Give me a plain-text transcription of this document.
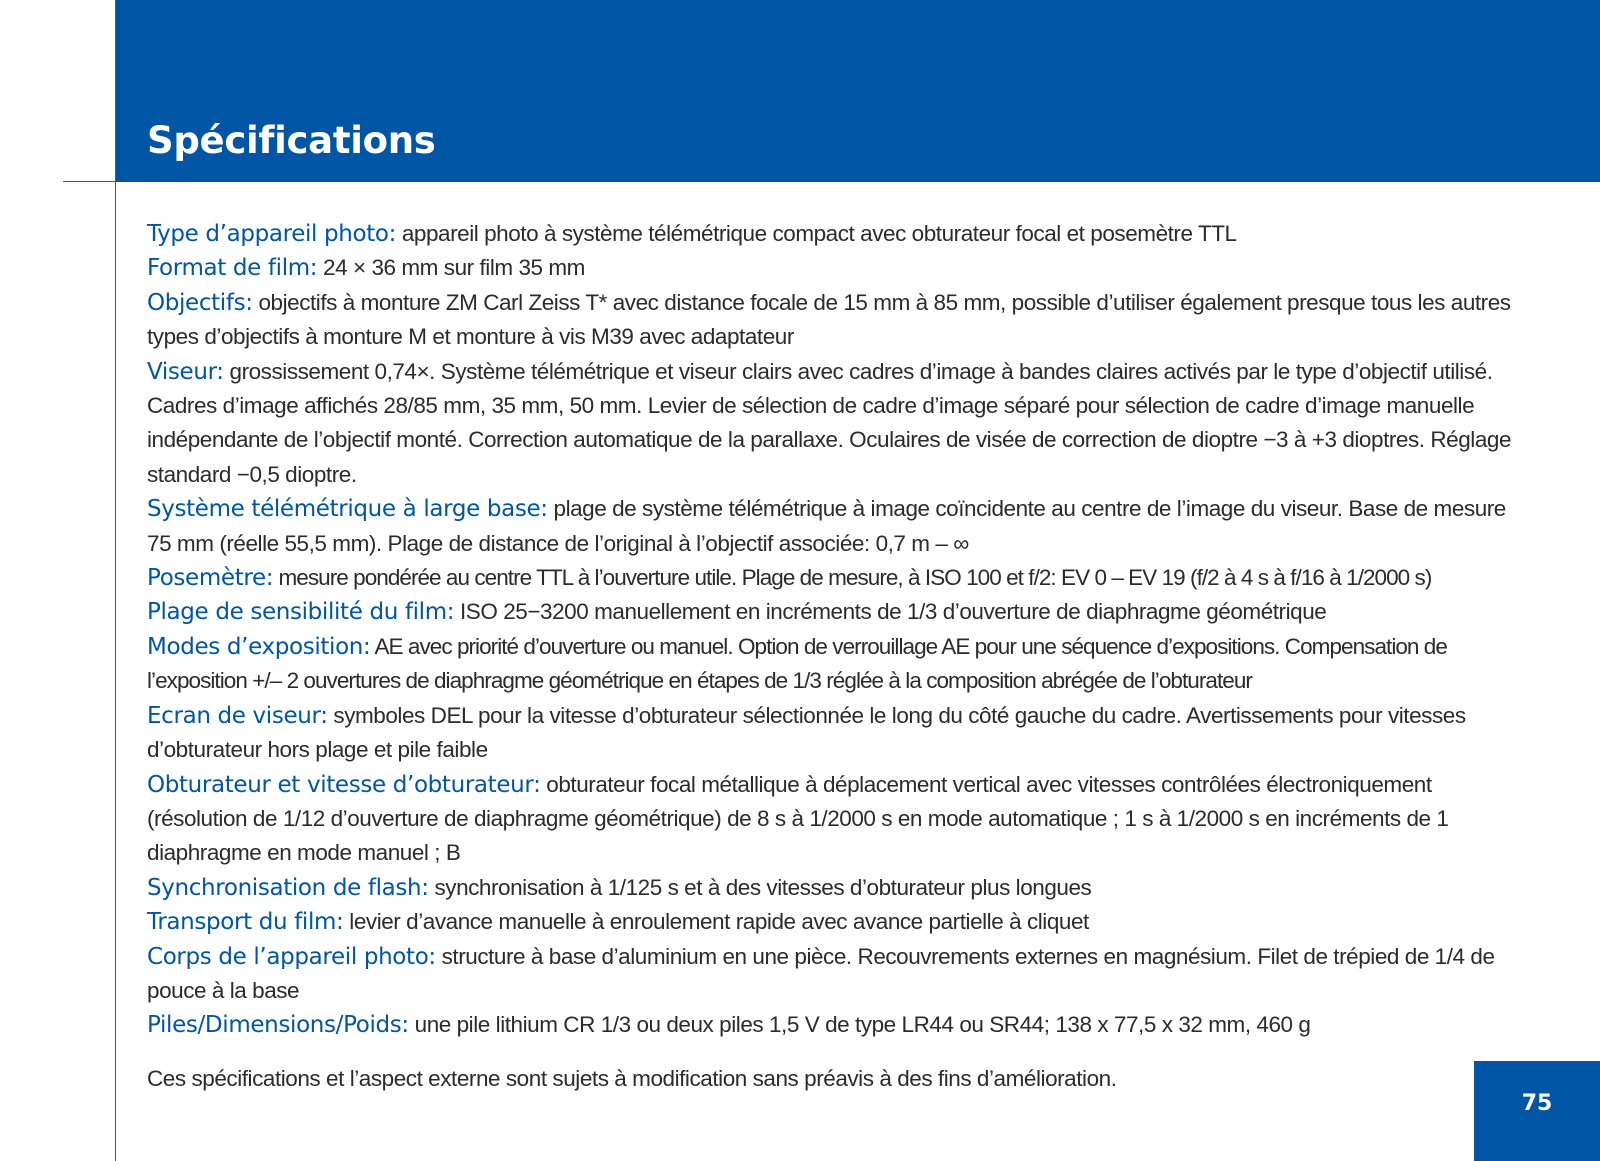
Spécifications

Type d’appareil photo: appareil photo à système télémétrique compact avec obturateur focal et posemètre TTL

Format de film: 24 × 36 mm sur film 35 mm

Objectifs: objectifs à monture ZM Carl Zeiss T* avec distance focale de 15 mm à 85 mm, possible d’utiliser également presque tous les autres types d’objectifs à monture M et monture à vis M39 avec adaptateur

Viseur: grossissement 0,74×. Système télémétrique et viseur clairs avec cadres d’image à bandes claires activés par le type d’objectif utilisé. Cadres d’image affichés 28/85 mm, 35 mm, 50 mm. Levier de sélection de cadre d’image séparé pour sélection de cadre d’image manuelle indépendante de l’objectif monté. Correction automatique de la parallaxe. Oculaires de visée de correction de dioptre −3 à +3 dioptres. Réglage standard −0,5 dioptre.

Système télémétrique à large base: plage de système télémétrique à image coïncidente au centre de l’image du viseur. Base de mesure 75 mm (réelle 55,5 mm). Plage de distance de l’original à l’objectif associée: 0,7 m – ∞

Posemètre: mesure pondérée au centre TTL à l’ouverture utile. Plage de mesure, à ISO 100 et f/2: EV 0 – EV 19 (f/2 à 4 s à f/16 à 1/2000 s)

Plage de sensibilité du film: ISO 25−3200 manuellement en incréments de 1/3 d’ouverture de diaphragme géométrique

Modes d’exposition: AE avec priorité d’ouverture ou manuel. Option de verrouillage AE pour une séquence d’expositions. Compensation de l’exposition +/– 2 ouvertures de diaphragme géométrique en étapes de 1/3 réglée à la composition abrégée de l’obturateur

Ecran de viseur: symboles DEL pour la vitesse d’obturateur sélectionnée le long du côté gauche du cadre. Avertissements pour vitesses d’obturateur hors plage et pile faible

Obturateur et vitesse d’obturateur: obturateur focal métallique à déplacement vertical avec vitesses contrôlées électroniquement (résolution de 1/12 d’ouverture de diaphragme géométrique) de 8 s à 1/2000 s en mode automatique ; 1 s à 1/2000 s en incréments de 1 diaphragme en mode manuel ; B

Synchronisation de flash: synchronisation à 1/125 s et à des vitesses d’obturateur plus longues

Transport du film: levier d’avance manuelle à enroulement rapide avec avance partielle à cliquet

Corps de l’appareil photo: structure à base d’aluminium en une pièce. Recouvrements externes en magnésium. Filet de trépied de 1/4 de pouce à la base

Piles/Dimensions/Poids: une pile lithium CR 1/3 ou deux piles 1,5 V de type LR44 ou SR44; 138 x 77,5 x 32 mm, 460 g

Ces spécifications et l’aspect externe sont sujets à modification sans préavis à des fins d’amélioration.

75
